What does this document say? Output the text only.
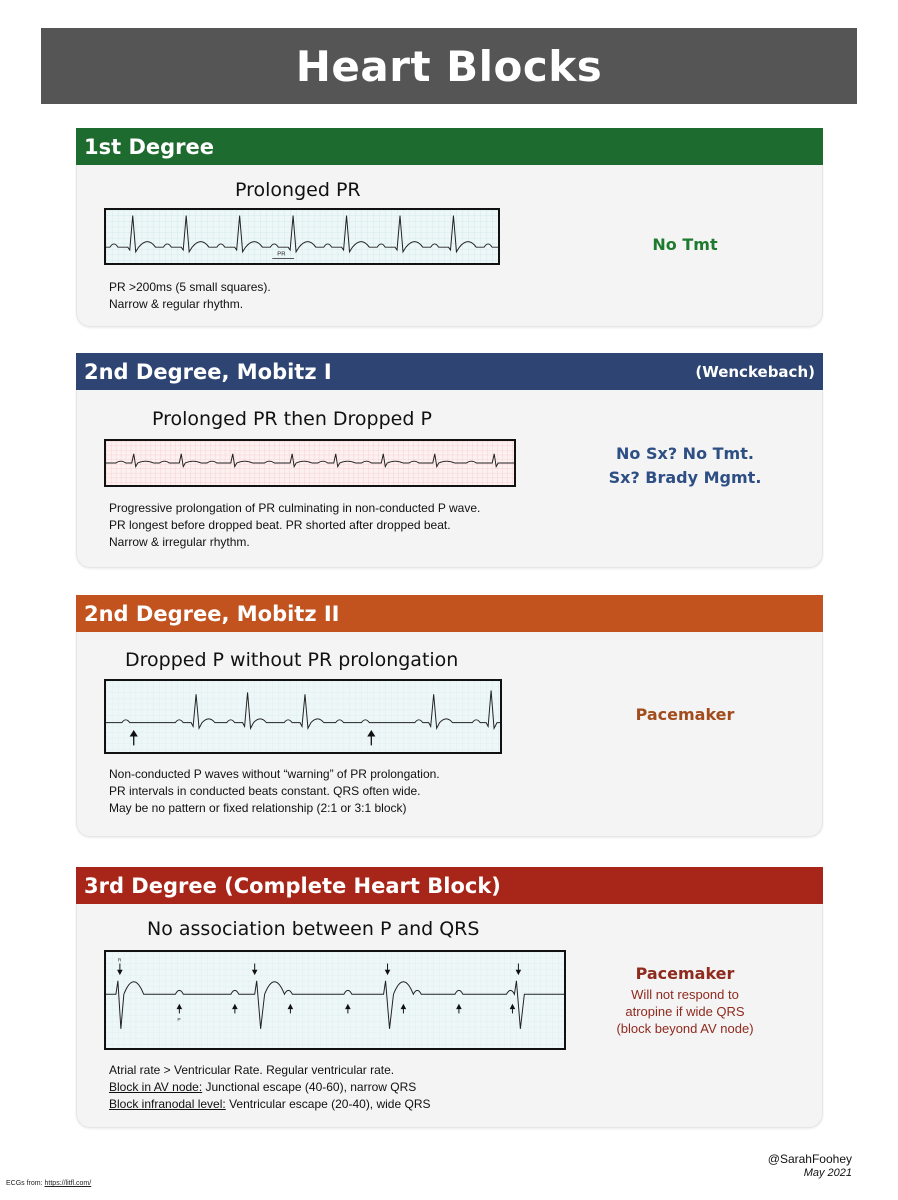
Heart Blocks
1st Degree
Prolonged PR
PR
PR >200ms (5 small squares).
Narrow & regular rhythm.
No Tmt
2nd Degree, Mobitz I	(Wenckebach)
Prolonged PR then Dropped P
Progressive prolongation of PR culminating in non-conducted P wave.
PR longest before dropped beat. PR shorted after dropped beat.
Narrow & irregular rhythm.
No Sx? No Tmt.
Sx? Brady Mgmt.
2nd Degree, Mobitz II
Dropped P without PR prolongation
Non-conducted P waves without “warning” of PR prolongation.
PR intervals in conducted beats constant. QRS often wide.
May be no pattern or fixed relationship (2:1 or 3:1 block)
Pacemaker
3rd Degree (Complete Heart Block)
No association between P and QRS
R
P
Atrial rate > Ventricular Rate. Regular ventricular rate.
Block in AV node: Junctional escape (40-60), narrow QRS
Block infranodal level: Ventricular escape (20-40), wide QRS
Pacemaker
Will not respond to
atropine if wide QRS
(block beyond AV node)
ECGs from: https://litfl.com/
@SarahFoohey
May 2021
